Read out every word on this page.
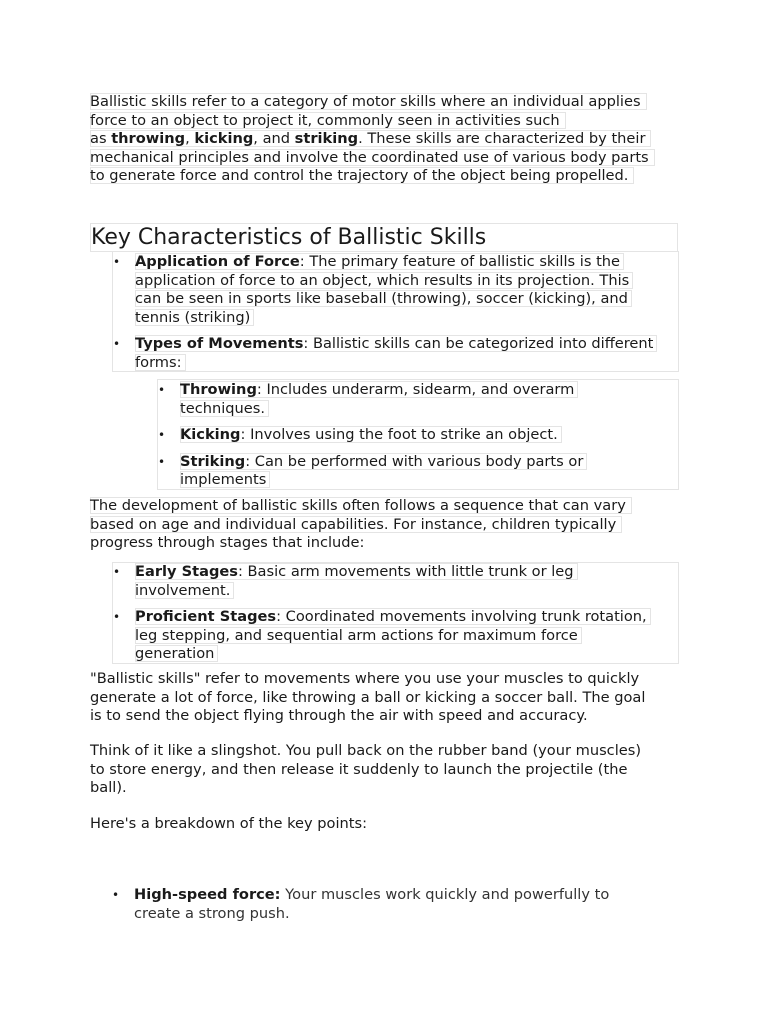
Ballistic skills refer to a category of motor skills where an individual applies
force to an object to project it, commonly seen in activities such
as throwing, kicking, and striking. These skills are characterized by their
mechanical principles and involve the coordinated use of various body parts
to generate force and control the trajectory of the object being propelled.
Key Characteristics of Ballistic Skills
• Application of Force: The primary feature of ballistic skills is the
application of force to an object, which results in its projection. This
can be seen in sports like baseball (throwing), soccer (kicking), and
tennis (striking)
• Types of Movements: Ballistic skills can be categorized into different
forms:
• Throwing: Includes underarm, sidearm, and overarm
techniques.
• Kicking: Involves using the foot to strike an object.
• Striking: Can be performed with various body parts or
implements
The development of ballistic skills often follows a sequence that can vary
based on age and individual capabilities. For instance, children typically
progress through stages that include:
• Early Stages: Basic arm movements with little trunk or leg
involvement.
• Proficient Stages: Coordinated movements involving trunk rotation,
leg stepping, and sequential arm actions for maximum force
generation
"Ballistic skills" refer to movements where you use your muscles to quickly
generate a lot of force, like throwing a ball or kicking a soccer ball. The goal
is to send the object flying through the air with speed and accuracy.
Think of it like a slingshot. You pull back on the rubber band (your muscles)
to store energy, and then release it suddenly to launch the projectile (the
ball).
Here's a breakdown of the key points:
• High-speed force: Your muscles work quickly and powerfully to
create a strong push.
